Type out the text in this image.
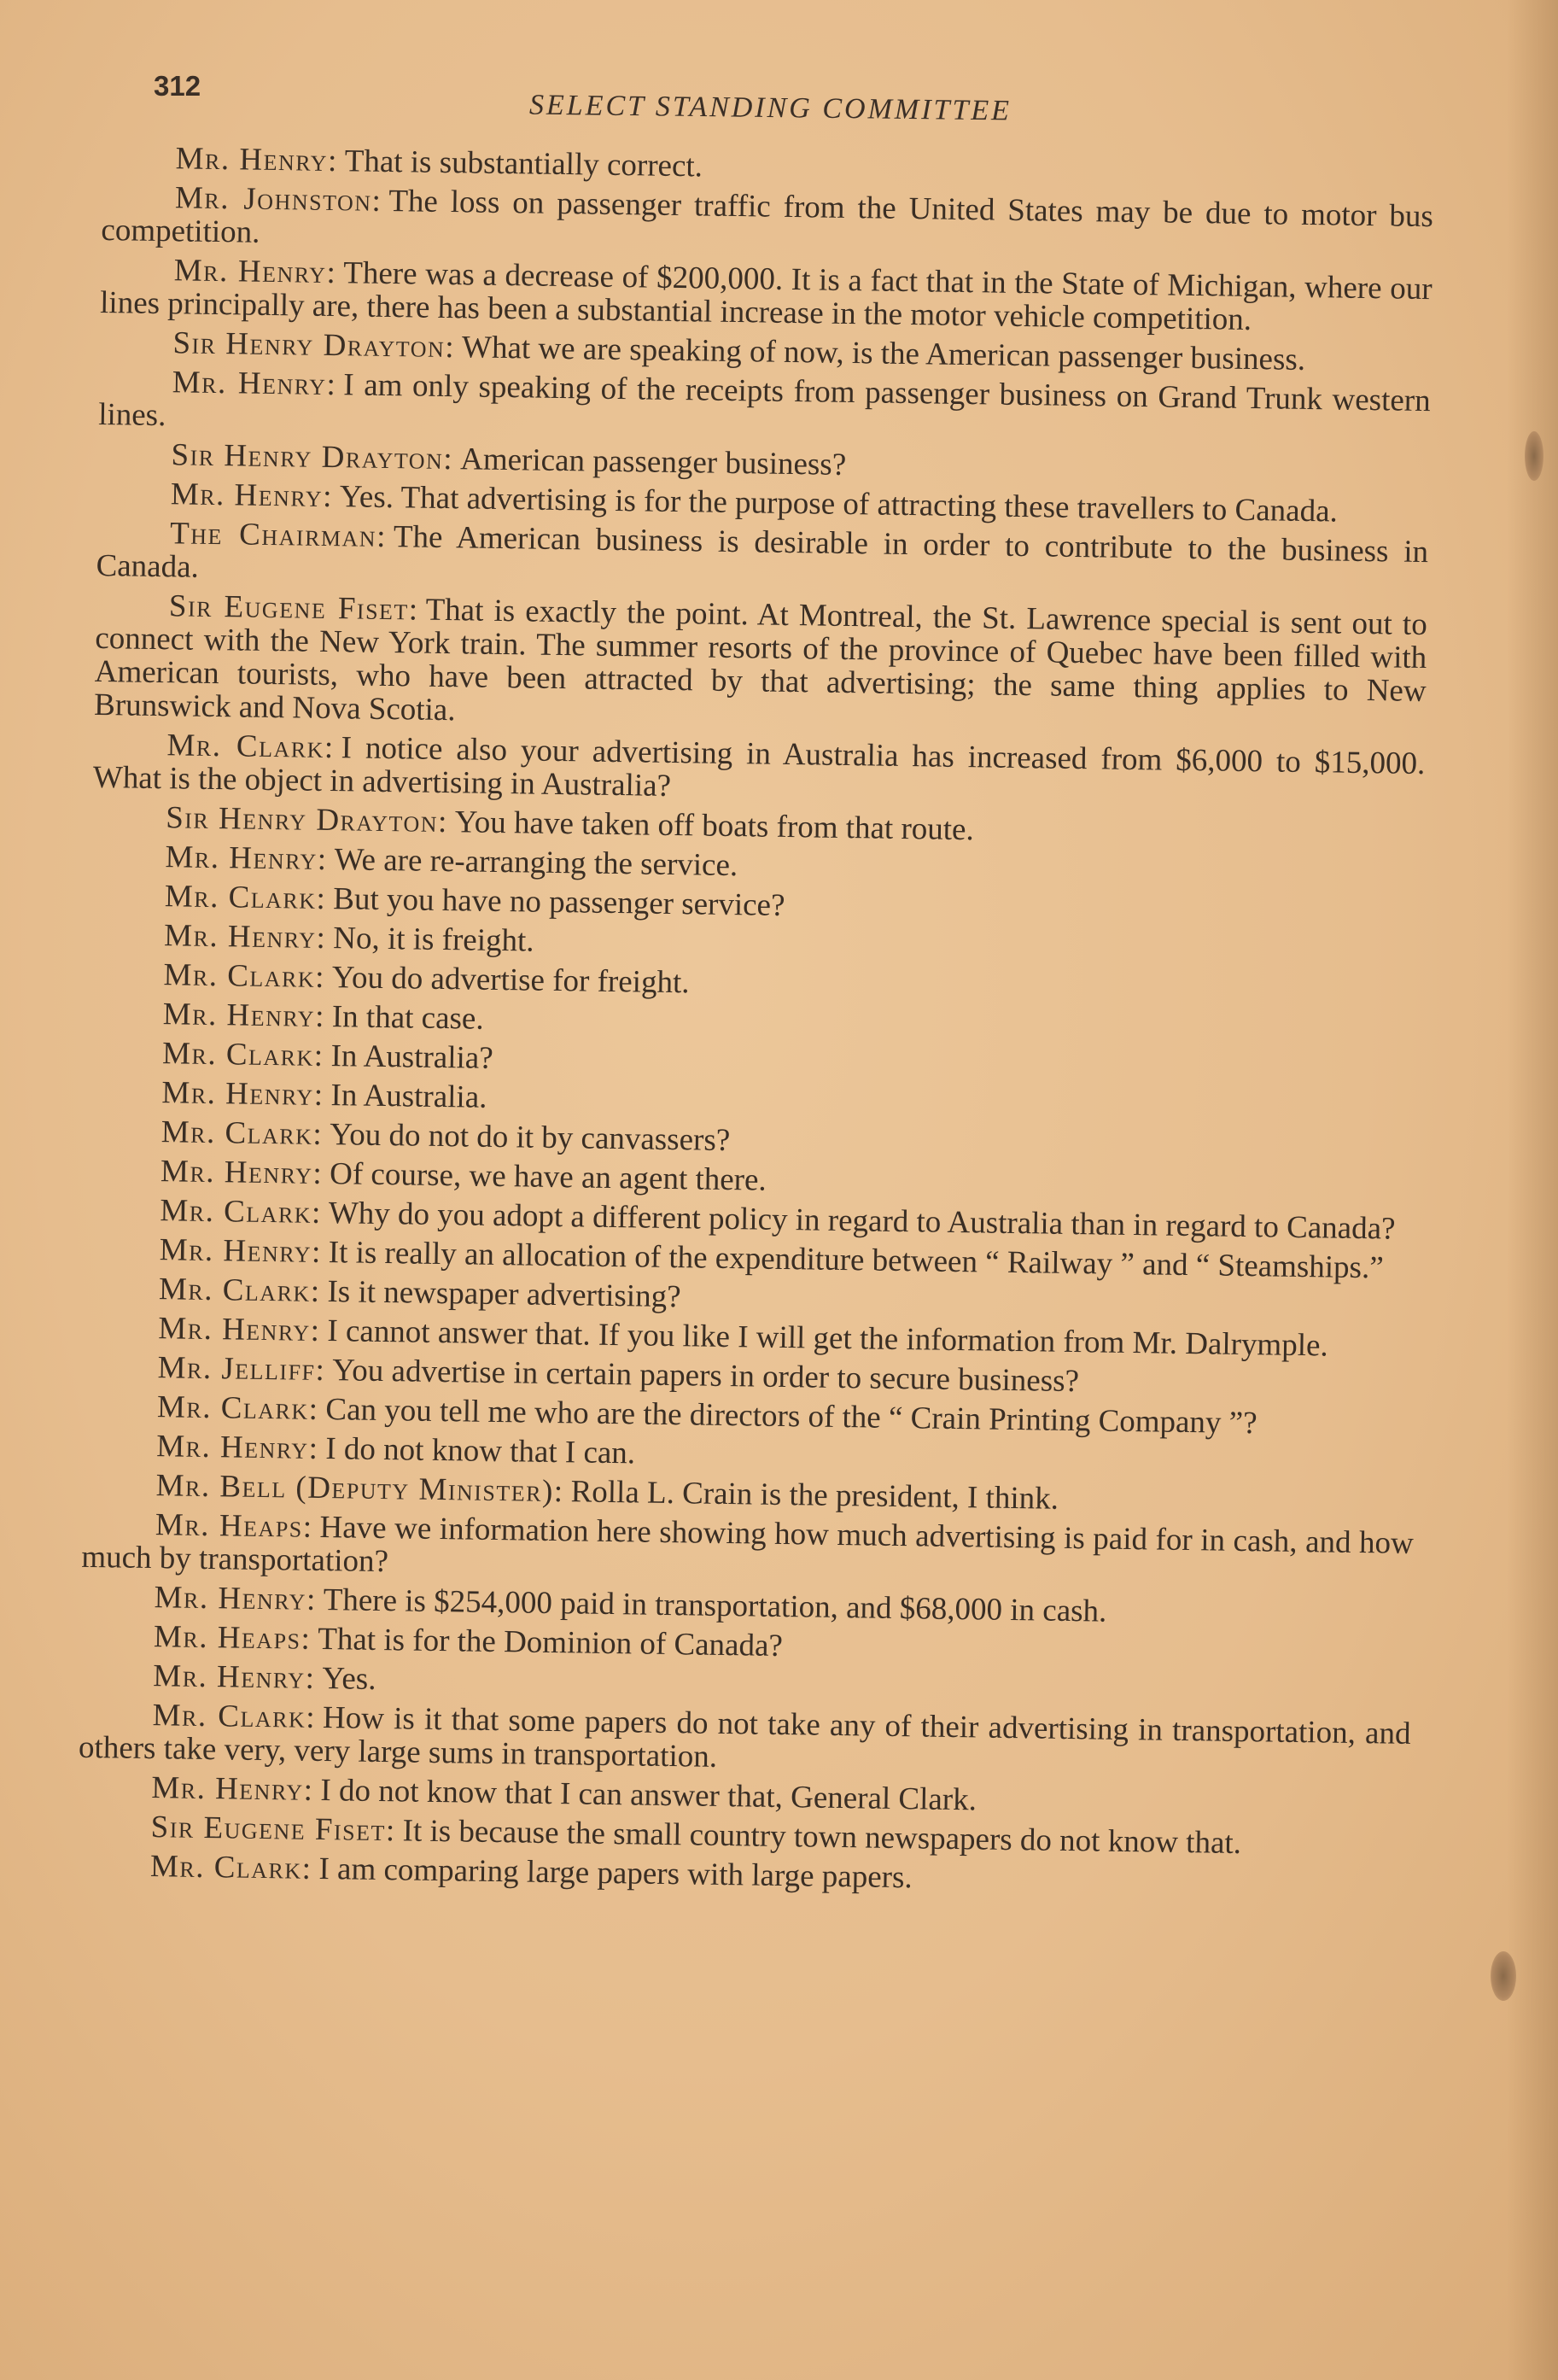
312
SELECT STANDING COMMITTEE

Mr. Henry: That is substantially correct.

Mr. Johnston: The loss on passenger traffic from the United States may be due to motor bus competition.

Mr. Henry: There was a decrease of $200,000. It is a fact that in the State of Michigan, where our lines principally are, there has been a substantial increase in the motor vehicle competition.

Sir Henry Drayton: What we are speaking of now, is the American passenger business.

Mr. Henry: I am only speaking of the receipts from passenger business on Grand Trunk western lines.

Sir Henry Drayton: American passenger business?

Mr. Henry: Yes. That advertising is for the purpose of attracting these travellers to Canada.

The Chairman: The American business is desirable in order to contribute to the business in Canada.

Sir Eugene Fiset: That is exactly the point. At Montreal, the St. Lawrence special is sent out to connect with the New York train. The summer resorts of the province of Quebec have been filled with American tourists, who have been attracted by that advertising; the same thing applies to New Brunswick and Nova Scotia.

Mr. Clark: I notice also your advertising in Australia has increased from $6,000 to $15,000. What is the object in advertising in Australia?

Sir Henry Drayton: You have taken off boats from that route.

Mr. Henry: We are re-arranging the service.

Mr. Clark: But you have no passenger service?

Mr. Henry: No, it is freight.

Mr. Clark: You do advertise for freight.

Mr. Henry: In that case.

Mr. Clark: In Australia?

Mr. Henry: In Australia.

Mr. Clark: You do not do it by canvassers?

Mr. Henry: Of course, we have an agent there.

Mr. Clark: Why do you adopt a different policy in regard to Australia than in regard to Canada?

Mr. Henry: It is really an allocation of the expenditure between “ Railway ” and “ Steamships.”

Mr. Clark: Is it newspaper advertising?

Mr. Henry: I cannot answer that. If you like I will get the information from Mr. Dalrymple.

Mr. Jelliff: You advertise in certain papers in order to secure business?

Mr. Clark: Can you tell me who are the directors of the “ Crain Printing Company ”?

Mr. Henry: I do not know that I can.

Mr. Bell (Deputy Minister): Rolla L. Crain is the president, I think.

Mr. Heaps: Have we information here showing how much advertising is paid for in cash, and how much by transportation?

Mr. Henry: There is $254,000 paid in transportation, and $68,000 in cash.

Mr. Heaps: That is for the Dominion of Canada?

Mr. Henry: Yes.

Mr. Clark: How is it that some papers do not take any of their advertising in transportation, and others take very, very large sums in transportation.

Mr. Henry: I do not know that I can answer that, General Clark.

Sir Eugene Fiset: It is because the small country town newspapers do not know that.

Mr. Clark: I am comparing large papers with large papers.
